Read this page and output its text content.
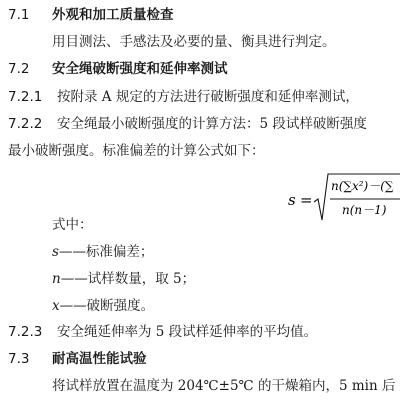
7.1 外观和加工质量检查
用目测法、手感法及必要的量、衡具进行判定。
7.2 安全绳破断强度和延伸率测试
7.2.1 按附录 A 规定的方法进行破断强度和延伸率测试，
7.2.2 安全绳最小破断强度的计算方法：5 段试样破断强度
最小破断强度。标准偏差的计算公式如下：
s =
n(∑x²)－(∑
n(n－1)
式中：
s——标准偏差；
n——试样数量，取 5；
x——破断强度。
7.2.3 安全绳延伸率为 5 段试样延伸率的平均值。
7.3 耐高温性能试验
将试样放置在温度为 204℃±5℃ 的干燥箱内，5 min 后
